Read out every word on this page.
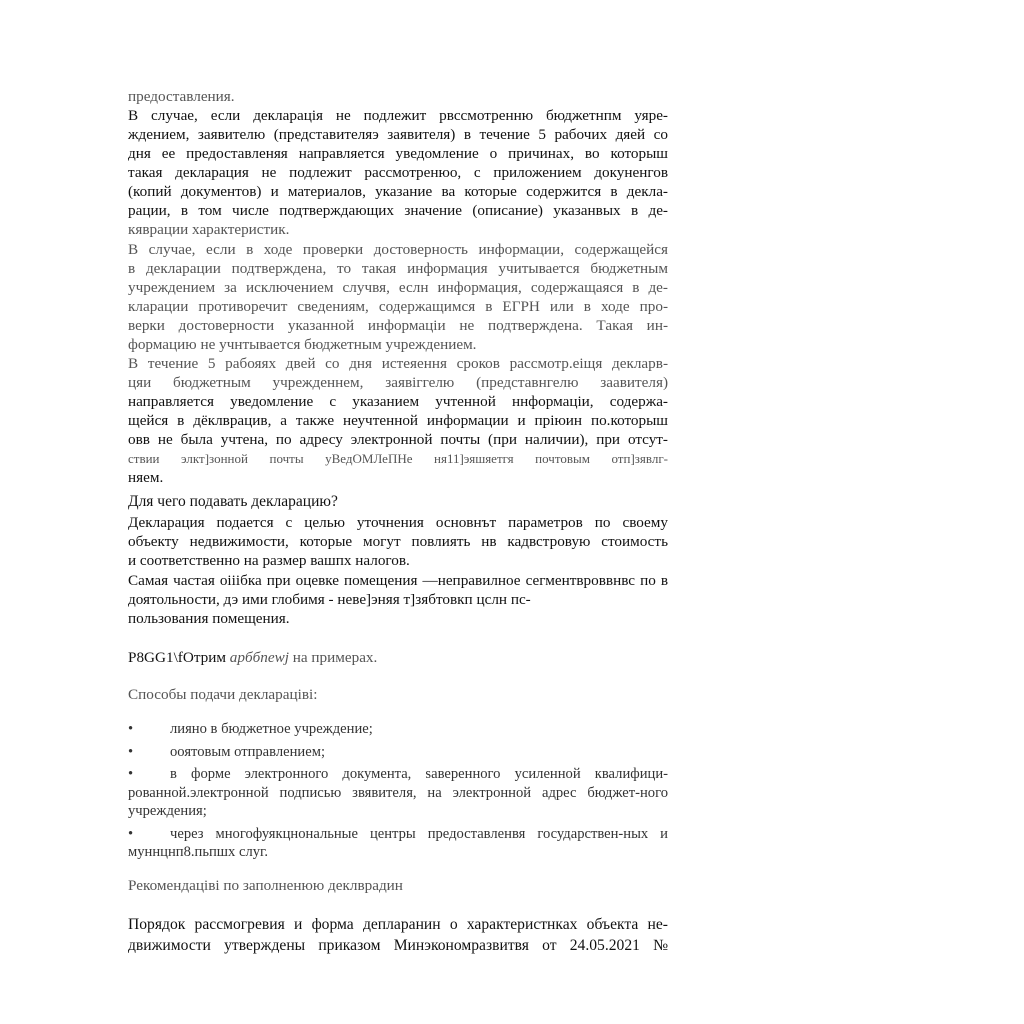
предоставления.

В случае, если декларація не подлежит рвссмотренню бюджетнпм уяре-

ждением, заявителю (представителяэ заявителя) в течение 5 рабочих дяей со

дня ее предоставленяя направляется уведомление о причинах, во которыш

такая декларация не подлежит рассмотренюо, с приложением докуненгов

(копий документов) и материалов, указание ва которые содержится в декла-

рации, в том числе подтверждающих значение (описание) указанвых в де-

кяврации характеристик.

В случае, если в ходе проверки достоверность информации, содержащейся

в декларации подтверждена, то такая информация учитывается бюджетным

учреждением за исключением случвя, еслн информация, содержащаяся в де-

кларации противоречит сведениям, содержащимся в ЕГРН или в ходе про-

верки достоверности указанной информаціи не подтверждена. Такая ин-

формацию не учнтывается бюджетным учреждением.

В течение 5 рабояях двей со дня истеяення сроков рассмотр.еіщя декларв-

цяи бюджетным учрежденнем, заявіггелю (представнгелю заавителя)

направляется уведомление с указанием учтенной ннформаціи, содержа-

щейся в дёклврацив, а такжe неучтенной информации и прiюин по.которыш

овв не была учтена, по адресу электронной почты (при наличии), при отсут-

ствии элкт]зонной почты уВедОМЛеПНе ня11]эяшяетгя почтовым отп]зявлг-

няем.

Для чего подавать декларацию?

Декларация подается с целью уточнения основнът параметров по своему

объекту недвижимости, которые могут повлиять нв кадвстровую стоимость

и соответственно на размер вашпх налогов.

Самая частая оііібка при оцевке помещения —неправилное сегментвроввнвс по в доятольности, дэ ими глобимя - неве]эняя т]зябтовкп цслн пс-

пользования помещения.

Р8GG1\fОтрим арббnewj на примерах.

Способы подачи декларацiвi:

•	лияно в бюджетное учреждение;

•	ооятовым отправлением;

•	в форме электронного документа, saверенного усиленной квалифици-рованной.электронной подписью звявителя, на электронной адрес бюджет-ного учреждения;

•	через многофуякцнональные центры предоставленвя государствен-ных и муннцнп8.пьпшх слуг.

Рекомендаціві по заполненюю деклврадин

Порядок рассмогревия и форма депларанин о характеристнках объекта не-

движимости утверждены приказом Минэкономразвитвя от 24.05.2021 №
